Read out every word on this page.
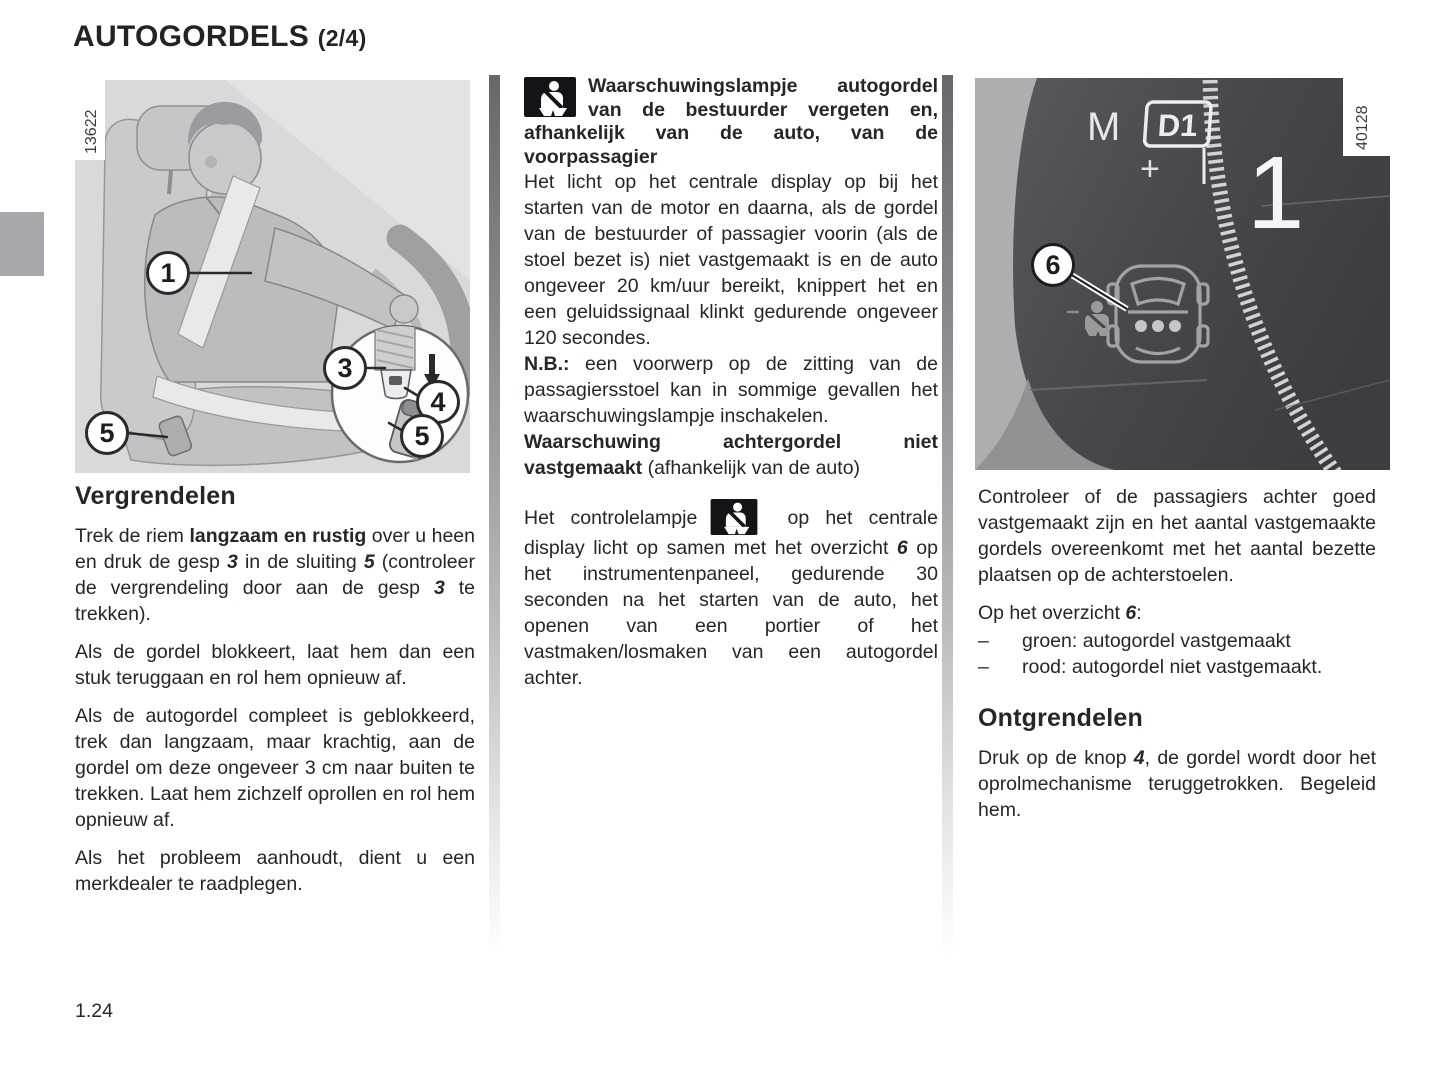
AUTOGORDELS (2/4)
1
3
4
5	5
13622
Vergrendelen

Trek de riem langzaam en rustig over u heen en druk de gesp 3 in de sluiting 5 (controleer de vergrendeling door aan de gesp 3 te trekken).

Als de gordel blokkeert, laat hem dan een stuk teruggaan en rol hem opnieuw af.

Als de autogordel compleet is geblokkeerd, trek dan langzaam, maar krachtig, aan de gordel om deze ongeveer 3 cm naar buiten te trekken. Laat hem zichzelf oprollen en rol hem opnieuw af.

Als het probleem aanhoudt, dient u een merkdealer te raadplegen.

Waarschuwingslampje autogordel van de bestuurder vergeten en, afhankelijk van de auto, van de voorpassagier

Het licht op het centrale display op bij het starten van de motor en daarna, als de gordel van de bestuurder of passagier voorin (als de stoel bezet is) niet vastgemaakt is en de auto ongeveer 20 km/uur bereikt, knippert het en een geluidssignaal klinkt gedurende ongeveer 120 secondes.

N.B.: een voorwerp op de zitting van de passagiersstoel kan in sommige gevallen het waarschuwingslampje inschakelen.

Waarschuwing achtergordel niet vastgemaakt (afhankelijk van de auto)

Het controlelampje	op het centrale display licht op samen met het overzicht 6 op het instrumentenpaneel, gedurende 30 seconden na het starten van de auto, het openen van een portier of het vastmaken/losmaken van een autogordel achter.

M D1
+ 1
6
40128

Controleer of de passagiers achter goed vastgemaakt zijn en het aantal vastgemaakte gordels overeenkomt met het aantal bezette plaatsen op de achterstoelen.

Op het overzicht 6:

–	groen: autogordel vastgemaakt
–	rood: autogordel niet vastgemaakt.
Ontgrendelen

Druk op de knop 4, de gordel wordt door het oprolmechanisme teruggetrokken. Begeleid hem.

1.24
